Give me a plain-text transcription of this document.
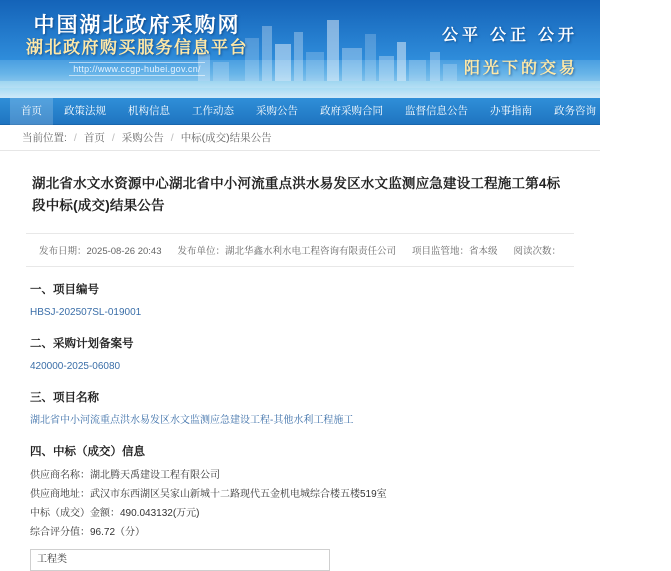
中国湖北政府采购网
湖北政府购买服务信息平台
http://www.ccgp-hubei.gov.cn/
公平 公正 公开
阳光下的交易
首页	政策法规	机构信息	工作动态	采购公告	政府采购合同	监督信息公告	办事指南	政务咨询	购买服务
当前位置: / 首页 / 采购公告 / 中标(成交)结果公告
湖北省水文水资源中心湖北省中小河流重点洪水易发区水文监测应急建设工程施工第4标段中标(成交)结果公告
发布日期：2025-08-26 20:43 发布单位：湖北华鑫水利水电工程咨询有限责任公司 项目监管地：省本级 阅读次数：
一、项目编号
HBSJ-202507SL-019001
二、采购计划备案号
420000-2025-06080
三、项目名称
湖北省中小河流重点洪水易发区水文监测应急建设工程-其他水利工程施工
四、中标（成交）信息
供应商名称：湖北腾天禹建设工程有限公司
供应商地址：武汉市东西湖区吴家山新城十二路现代五金机电城综合楼五楼519室
中标（成交）金额：490.043132(万元)
综合评分值：96.72（分）
工程类
